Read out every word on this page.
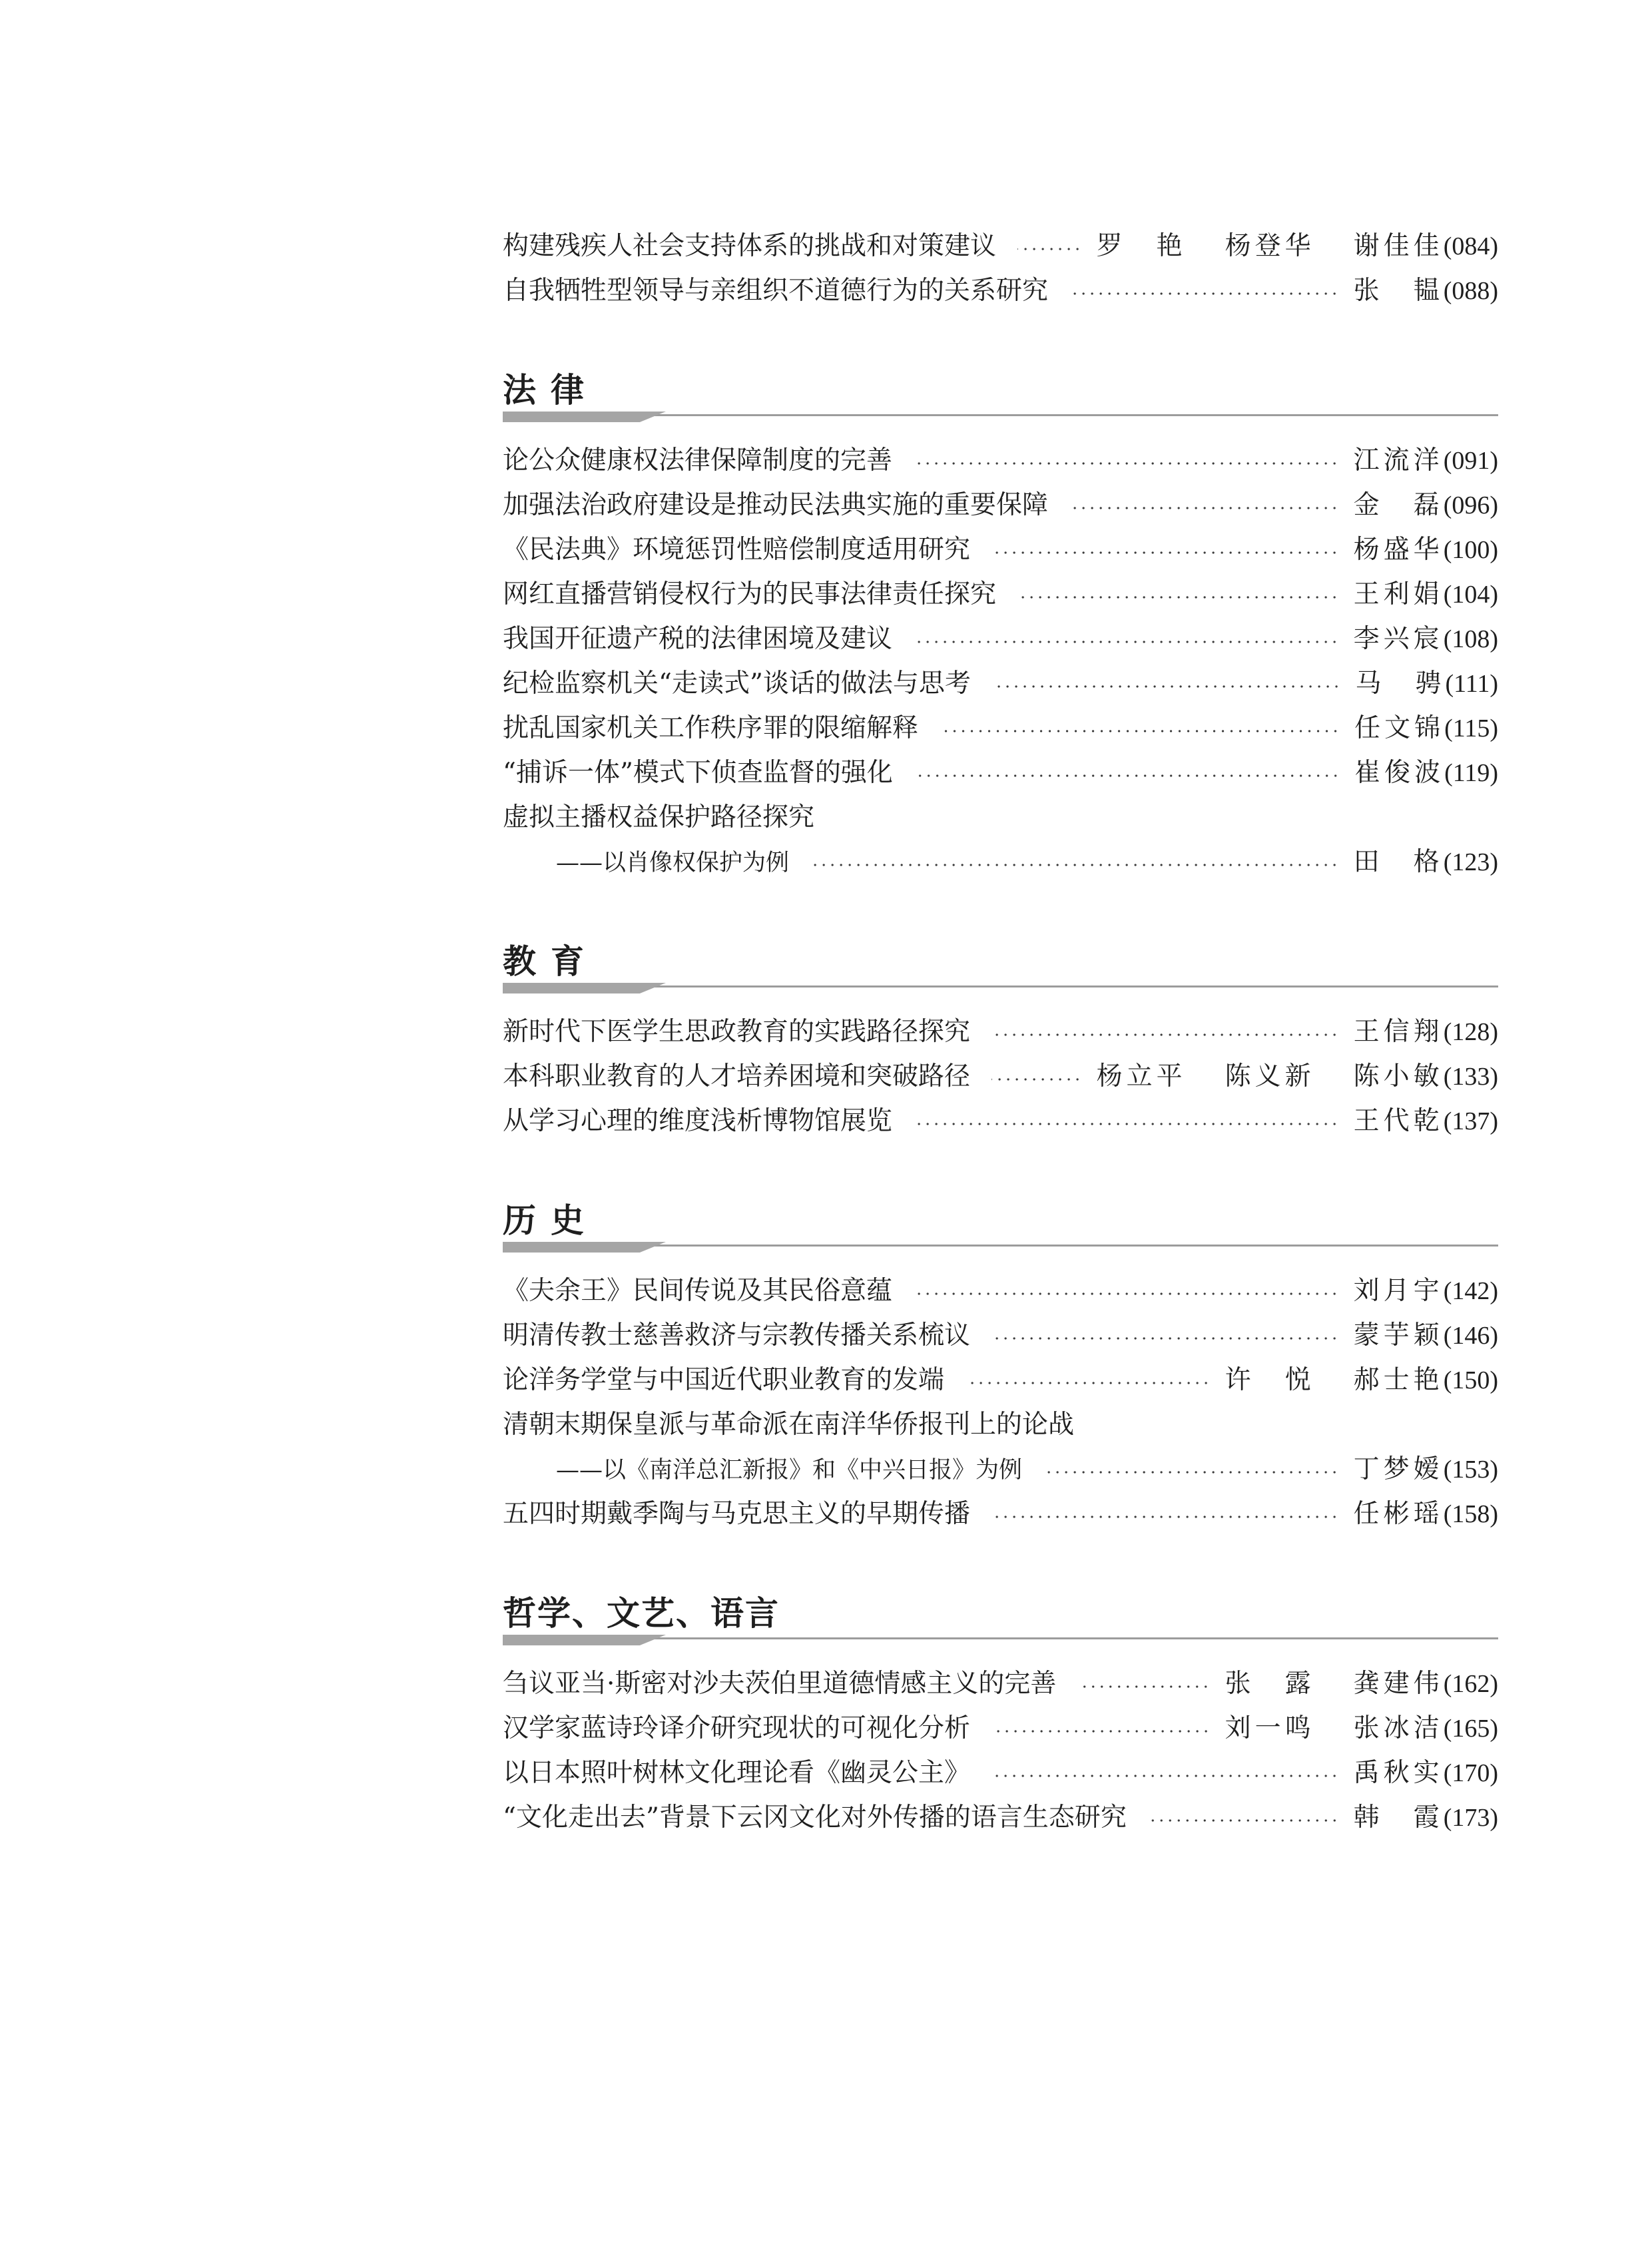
构建残疾人社会支持体系的挑战和对策建议	罗　艳 杨登华 谢佳佳 (084)
自我牺牲型领导与亲组织不道德行为的关系研究	张　韫 (088)
法律
论公众健康权法律保障制度的完善	江流洋 (091)
加强法治政府建设是推动民法典实施的重要保障	金　磊 (096)
《民法典》环境惩罚性赔偿制度适用研究	杨盛华 (100)
网红直播营销侵权行为的民事法律责任探究	王利娟 (104)
我国开征遗产税的法律困境及建议	李兴宸 (108)
纪检监察机关“走读式”谈话的做法与思考	马　骋 (111)
扰乱国家机关工作秩序罪的限缩解释	任文锦 (115)
“捕诉一体”模式下侦查监督的强化	崔俊波 (119)
虚拟主播权益保护路径探究
——以肖像权保护为例	田　格 (123)
教育
新时代下医学生思政教育的实践路径探究	王信翔 (128)
本科职业教育的人才培养困境和突破路径	杨立平 陈义新 陈小敏 (133)
从学习心理的维度浅析博物馆展览	王代乾 (137)
历史
《夫余王》民间传说及其民俗意蕴	刘月宇 (142)
明清传教士慈善救济与宗教传播关系梳议	蒙芋颖 (146)
论洋务学堂与中国近代职业教育的发端	许　悦 郝士艳 (150)
清朝末期保皇派与革命派在南洋华侨报刊上的论战
——以《南洋总汇新报》和《中兴日报》为例	丁梦嫒 (153)
五四时期戴季陶与马克思主义的早期传播	任彬瑶 (158)
哲学、文艺、语言
刍议亚当·斯密对沙夫茨伯里道德情感主义的完善	张　露 龚建伟 (162)
汉学家蓝诗玲译介研究现状的可视化分析	刘一鸣 张冰洁 (165)
以日本照叶树林文化理论看《幽灵公主》	禹秋实 (170)
“文化走出去”背景下云冈文化对外传播的语言生态研究	韩　霞 (173)
